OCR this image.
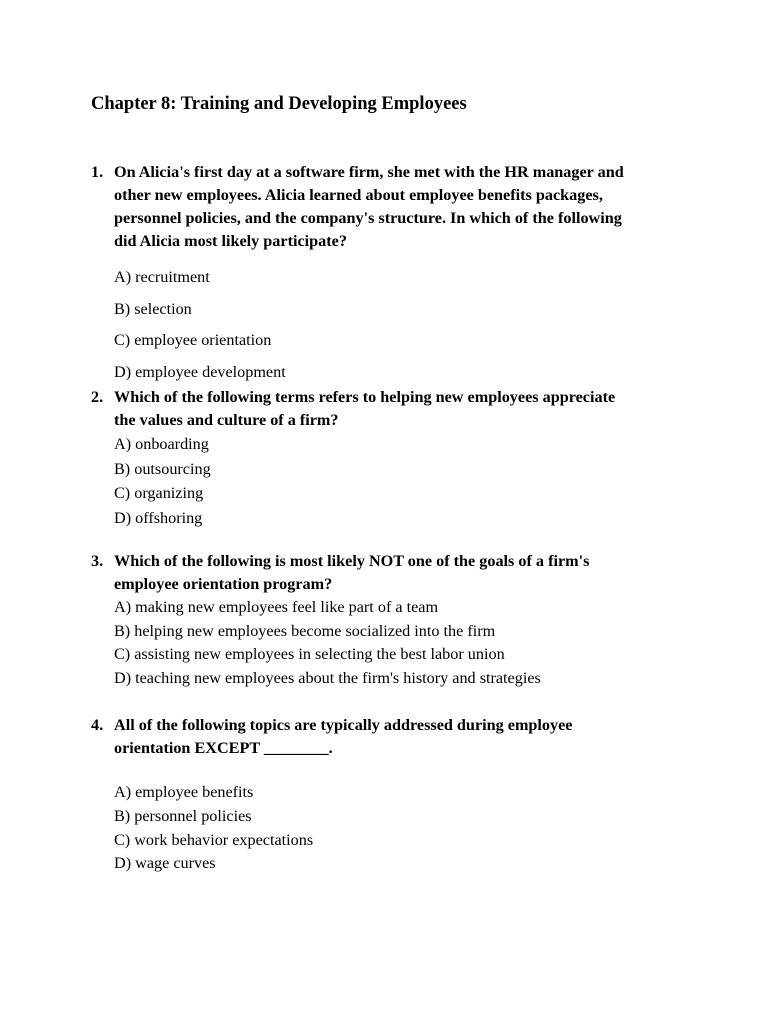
Chapter 8: Training and Developing Employees
1. On Alicia's first day at a software firm, she met with the HR manager and
other new employees. Alicia learned about employee benefits packages,
personnel policies, and the company's structure. In which of the following
did Alicia most likely participate?
A) recruitment
B) selection
C) employee orientation
D) employee development
2. Which of the following terms refers to helping new employees appreciate
the values and culture of a firm?
A) onboarding
B) outsourcing
C) organizing
D) offshoring
3. Which of the following is most likely NOT one of the goals of a firm's
employee orientation program?
A) making new employees feel like part of a team
B) helping new employees become socialized into the firm
C) assisting new employees in selecting the best labor union
D) teaching new employees about the firm's history and strategies
4. All of the following topics are typically addressed during employee
orientation EXCEPT ________.
A) employee benefits
B) personnel policies
C) work behavior expectations
D) wage curves
